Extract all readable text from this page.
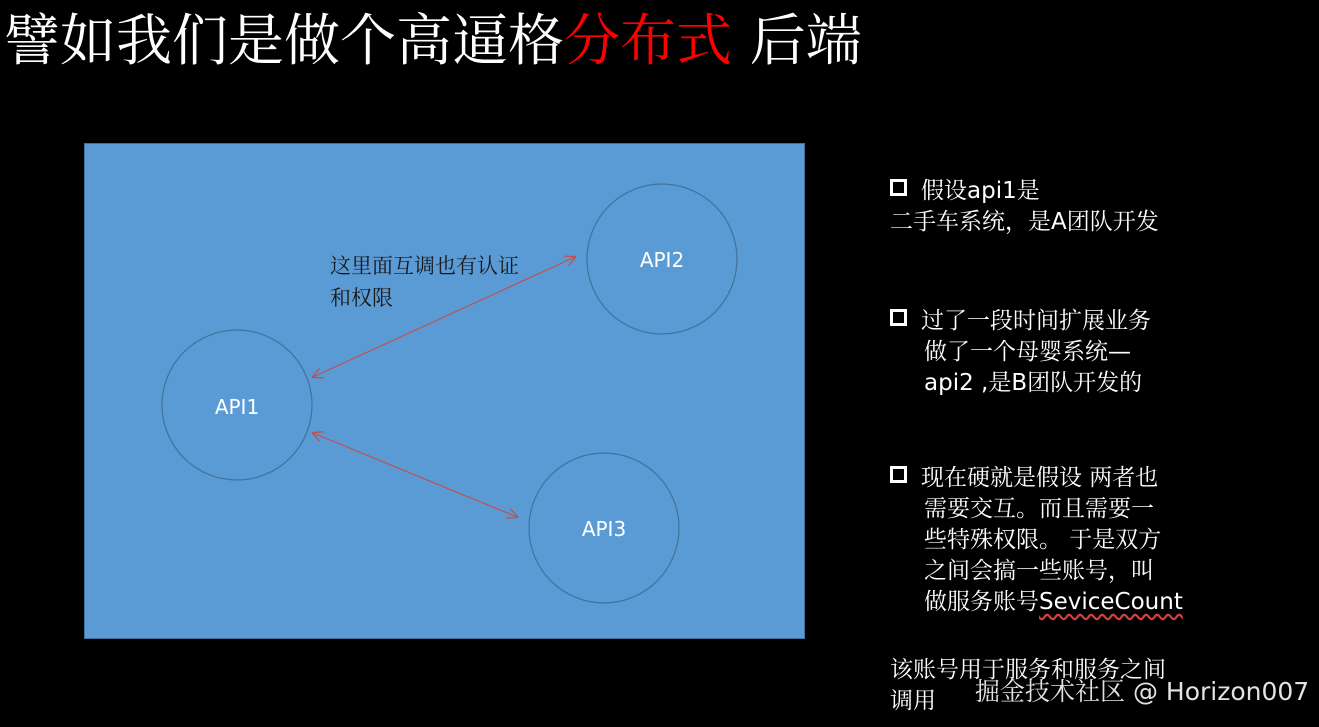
譬如我们是做个高逼格分布式 后端
API1
API2
API3
这里面互调也有认证
和权限
假设api1是
二手车系统，是A团队开发
过了一段时间扩展业务
做了一个母婴系统—
api2 ,是B团队开发的
现在硬就是假设 两者也
需要交互。而且需要一
些特殊权限。 于是双方
之间会搞一些账号，叫
做服务账号SeviceCount
该账号用于服务和服务之间
调用	掘金技术社区 @ Horizon007
